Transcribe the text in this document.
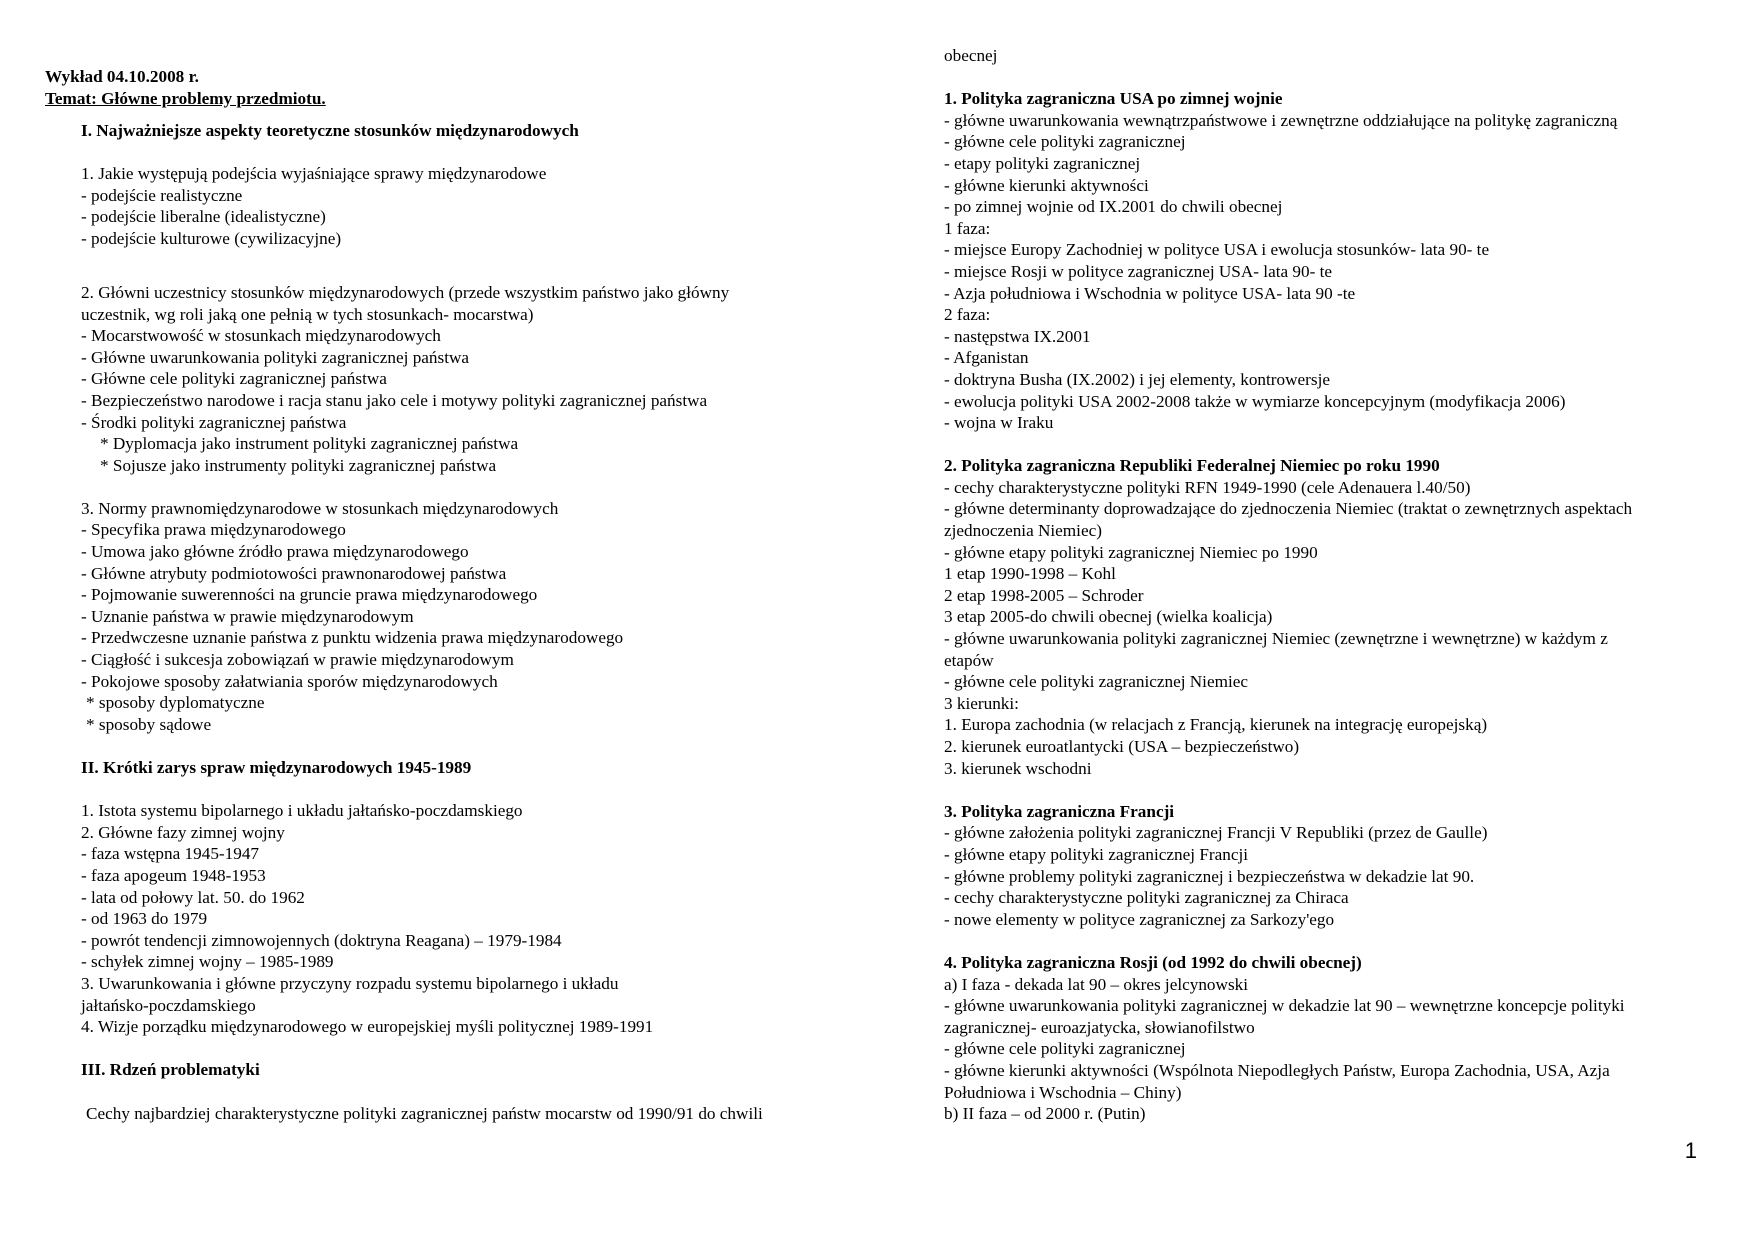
Wykład 04.10.2008 r.
Temat: Główne problemy przedmiotu.
I. Najważniejsze aspekty teoretyczne stosunków międzynarodowych
1. Jakie występują podejścia wyjaśniające sprawy międzynarodowe
- podejście realistyczne
- podejście liberalne (idealistyczne)
- podejście kulturowe (cywilizacyjne)
2. Główni uczestnicy stosunków międzynarodowych (przede wszystkim państwo jako główny
uczestnik, wg roli jaką one pełnią w tych stosunkach- mocarstwa)
- Mocarstwowość w stosunkach międzynarodowych
- Główne uwarunkowania polityki zagranicznej państwa
- Główne cele polityki zagranicznej państwa
- Bezpieczeństwo narodowe i racja stanu jako cele i motywy polityki zagranicznej państwa
- Środki polityki zagranicznej państwa
* Dyplomacja jako instrument polityki zagranicznej państwa
* Sojusze jako instrumenty polityki zagranicznej państwa
3. Normy prawnomiędzynarodowe w stosunkach międzynarodowych
- Specyfika prawa międzynarodowego
- Umowa jako główne źródło prawa międzynarodowego
- Główne atrybuty podmiotowości prawnonarodowej państwa
- Pojmowanie suwerenności na gruncie prawa międzynarodowego
- Uznanie państwa w prawie międzynarodowym
- Przedwczesne uznanie państwa z punktu widzenia prawa międzynarodowego
- Ciągłość i sukcesja zobowiązań w prawie międzynarodowym
- Pokojowe sposoby załatwiania sporów międzynarodowych
* sposoby dyplomatyczne
* sposoby sądowe
II. Krótki zarys spraw międzynarodowych 1945-1989
1. Istota systemu bipolarnego i układu jałtańsko-poczdamskiego
2. Główne fazy zimnej wojny
- faza wstępna 1945-1947
- faza apogeum 1948-1953
- lata od połowy lat. 50. do 1962
- od 1963 do 1979
- powrót tendencji zimnowojennych (doktryna Reagana) – 1979-1984
- schyłek zimnej wojny – 1985-1989
3. Uwarunkowania i główne przyczyny rozpadu systemu bipolarnego i układu
jałtańsko-poczdamskiego
4. Wizje porządku międzynarodowego w europejskiej myśli politycznej 1989-1991
III. Rdzeń problematyki
Cechy najbardziej charakterystyczne polityki zagranicznej państw mocarstw od 1990/91 do chwili
obecnej
1. Polityka zagraniczna USA po zimnej wojnie
- główne uwarunkowania wewnątrzpaństwowe i zewnętrzne oddziałujące na politykę zagraniczną
- główne cele polityki zagranicznej
- etapy polityki zagranicznej
- główne kierunki aktywności
- po zimnej wojnie od IX.2001 do chwili obecnej
1 faza:
- miejsce Europy Zachodniej w polityce USA i ewolucja stosunków- lata 90- te
- miejsce Rosji w polityce zagranicznej USA- lata 90- te
- Azja południowa i Wschodnia w polityce USA- lata 90 -te
2 faza:
- następstwa IX.2001
- Afganistan
- doktryna Busha (IX.2002) i jej elementy, kontrowersje
- ewolucja polityki USA 2002-2008 także w wymiarze koncepcyjnym (modyfikacja 2006)
- wojna w Iraku
2. Polityka zagraniczna Republiki Federalnej Niemiec po roku 1990
- cechy charakterystyczne polityki RFN 1949-1990 (cele Adenauera l.40/50)
- główne determinanty doprowadzające do zjednoczenia Niemiec (traktat o zewnętrznych aspektach
zjednoczenia Niemiec)
- główne etapy polityki zagranicznej Niemiec po 1990
1 etap 1990-1998 – Kohl
2 etap 1998-2005 – Schroder
3 etap 2005-do chwili obecnej (wielka koalicja)
- główne uwarunkowania polityki zagranicznej Niemiec (zewnętrzne i wewnętrzne) w każdym z
etapów
- główne cele polityki zagranicznej Niemiec
3 kierunki:
1. Europa zachodnia (w relacjach z Francją, kierunek na integrację europejską)
2. kierunek euroatlantycki (USA – bezpieczeństwo)
3. kierunek wschodni
3. Polityka zagraniczna Francji
- główne założenia polityki zagranicznej Francji V Republiki (przez de Gaulle)
- główne etapy polityki zagranicznej Francji
- główne problemy polityki zagranicznej i bezpieczeństwa w dekadzie lat 90.
- cechy charakterystyczne polityki zagranicznej za Chiraca
- nowe elementy w polityce zagranicznej za Sarkozy'ego
4. Polityka zagraniczna Rosji (od 1992 do chwili obecnej)
a) I faza - dekada lat 90 – okres jelcynowski
- główne uwarunkowania polityki zagranicznej w dekadzie lat 90 – wewnętrzne koncepcje polityki
zagranicznej- euroazjatycka, słowianofilstwo
- główne cele polityki zagranicznej
- główne kierunki aktywności (Wspólnota Niepodległych Państw, Europa Zachodnia, USA, Azja
Południowa i Wschodnia – Chiny)
b) II faza – od 2000 r. (Putin)
1
